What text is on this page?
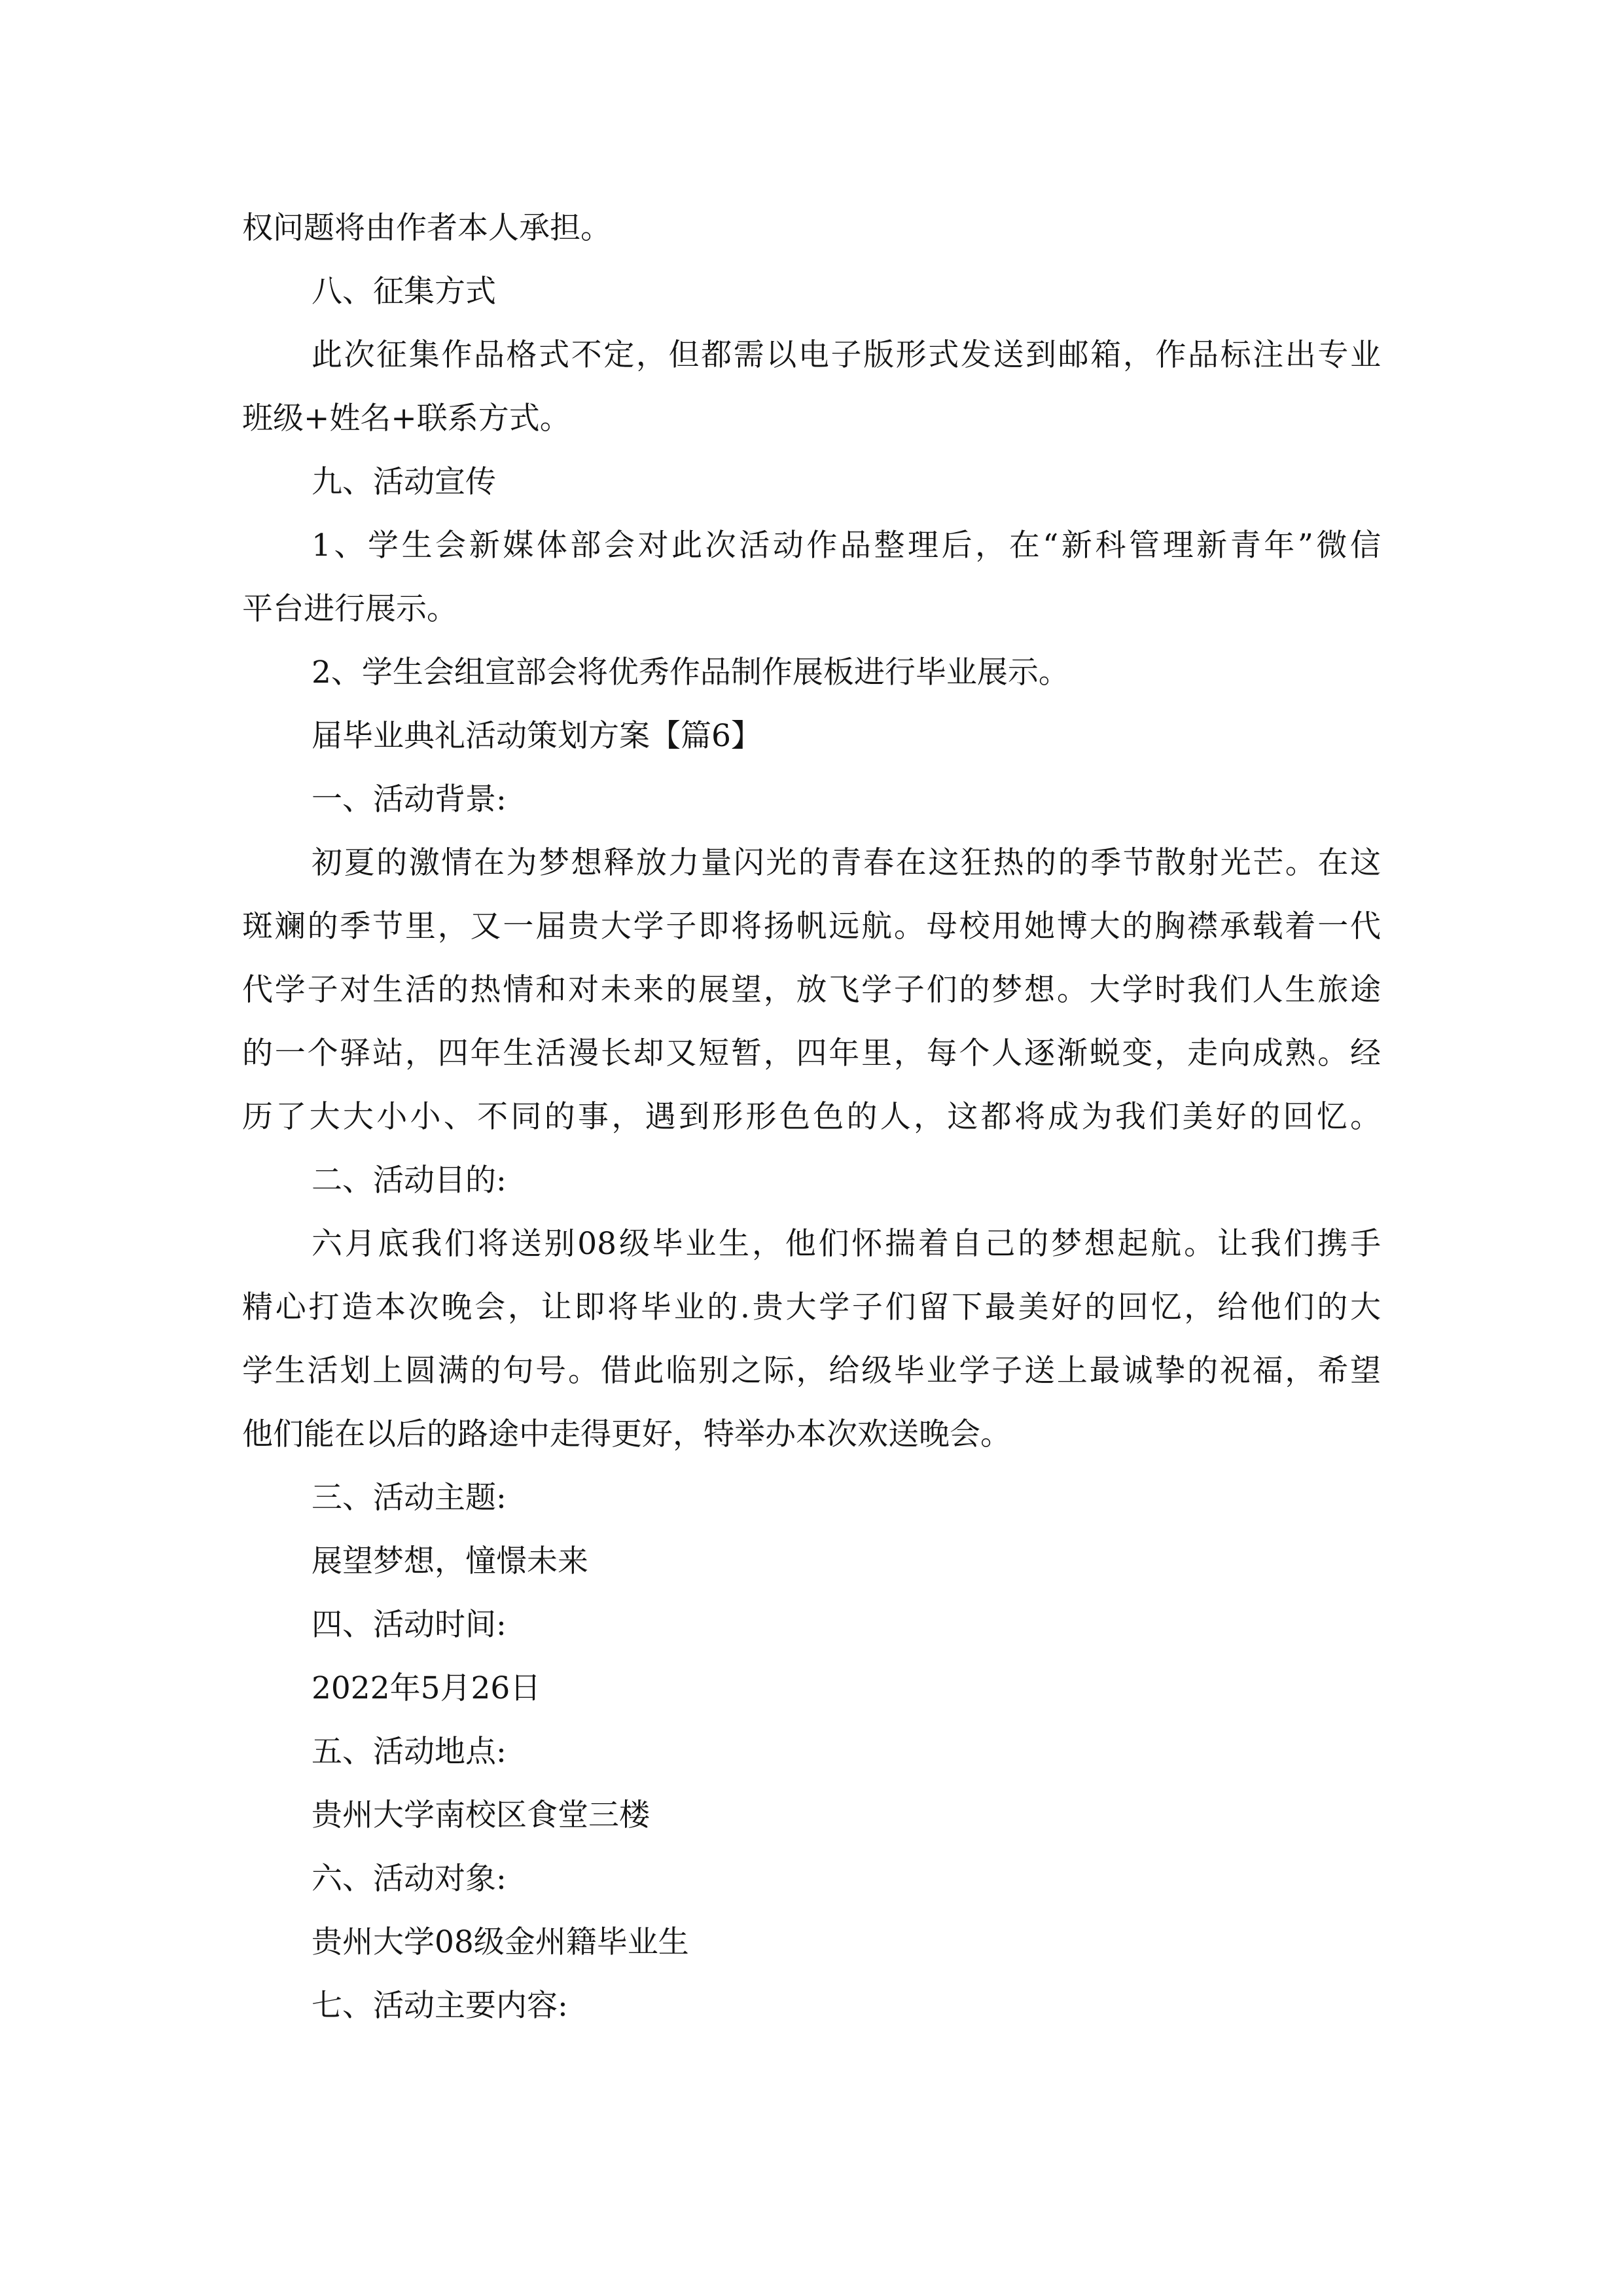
权问题将由作者本人承担。
八、征集方式
此次征集作品格式不定，但都需以电子版形式发送到邮箱，作品标注出专业
班级+姓名+联系方式。
九、活动宣传
1、学生会新媒体部会对此次活动作品整理后，在“新科管理新青年”微信
平台进行展示。
2、学生会组宣部会将优秀作品制作展板进行毕业展示。
届毕业典礼活动策划方案【篇6】
一、活动背景:
初夏的激情在为梦想释放力量闪光的青春在这狂热的的季节散射光芒。在这
斑斓的季节里，又一届贵大学子即将扬帆远航。母校用她博大的胸襟承载着一代
代学子对生活的热情和对未来的展望，放飞学子们的梦想。大学时我们人生旅途
的一个驿站，四年生活漫长却又短暂，四年里，每个人逐渐蜕变，走向成熟。经
历了大大小小、不同的事，遇到形形色色的人，这都将成为我们美好的回忆。
二、活动目的:
六月底我们将送别08级毕业生，他们怀揣着自己的梦想起航。让我们携手
精心打造本次晚会，让即将毕业的.贵大学子们留下最美好的回忆，给他们的大
学生活划上圆满的句号。借此临别之际，给级毕业学子送上最诚挚的祝福，希望
他们能在以后的路途中走得更好，特举办本次欢送晚会。
三、活动主题:
展望梦想，憧憬未来
四、活动时间:
2022年5月26日
五、活动地点:
贵州大学南校区食堂三楼
六、活动对象:
贵州大学08级金州籍毕业生
七、活动主要内容:
